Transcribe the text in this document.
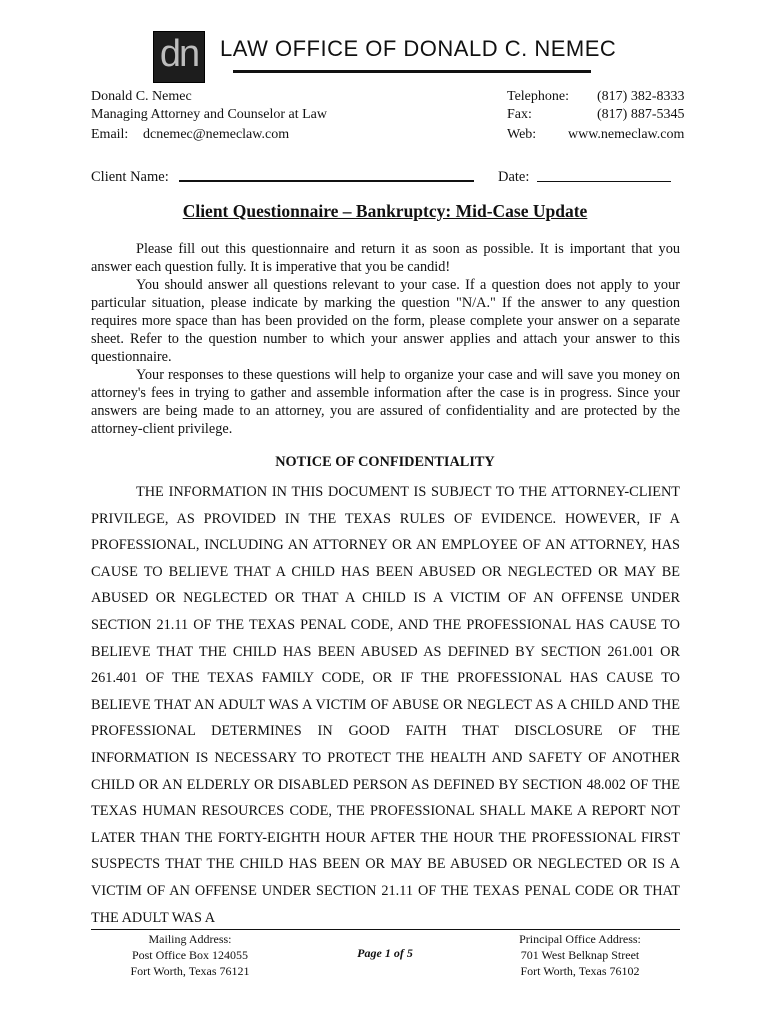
dn LAW OFFICE OF DONALD C. NEMEC
Donald C. Nemec
Managing Attorney and Counselor at Law
Email: dcnemec@nemeclaw.com
Telephone: (817) 382-8333
Fax:	(817) 887-5345
Web: www.nemeclaw.com
Client Name:	Date:
Client Questionnaire – Bankruptcy: Mid-Case Update

Please fill out this questionnaire and return it as soon as possible. It is important that you answer each question fully. It is imperative that you be candid!

You should answer all questions relevant to your case. If a question does not apply to your particular situation, please indicate by marking the question "N/A." If the answer to any question requires more space than has been provided on the form, please complete your answer on a separate sheet. Refer to the question number to which your answer applies and attach your answer to this questionnaire.

Your responses to these questions will help to organize your case and will save you money on attorney's fees in trying to gather and assemble information after the case is in progress. Since your answers are being made to an attorney, you are assured of confidentiality and are protected by the attorney-client privilege.

NOTICE OF CONFIDENTIALITY
THE INFORMATION IN THIS DOCUMENT IS SUBJECT TO THE ATTORNEY-CLIENT PRIVILEGE, AS PROVIDED IN THE TEXAS RULES OF EVIDENCE. HOWEVER, IF A PROFESSIONAL, INCLUDING AN ATTORNEY OR AN EMPLOYEE OF AN ATTORNEY, HAS CAUSE TO BELIEVE THAT A CHILD HAS BEEN ABUSED OR NEGLECTED OR MAY BE ABUSED OR NEGLECTED OR THAT A CHILD IS A VICTIM OF AN OFFENSE UNDER SECTION 21.11 OF THE TEXAS PENAL CODE, AND THE PROFESSIONAL HAS CAUSE TO BELIEVE THAT THE CHILD HAS BEEN ABUSED AS DEFINED BY SECTION 261.001 OR 261.401 OF THE TEXAS FAMILY CODE, OR IF THE PROFESSIONAL HAS CAUSE TO BELIEVE THAT AN ADULT WAS A VICTIM OF ABUSE OR NEGLECT AS A CHILD AND THE PROFESSIONAL DETERMINES IN GOOD FAITH THAT DISCLOSURE OF THE INFORMATION IS NECESSARY TO PROTECT THE HEALTH AND SAFETY OF ANOTHER CHILD OR AN ELDERLY OR DISABLED PERSON AS DEFINED BY SECTION 48.002 OF THE TEXAS HUMAN RESOURCES CODE, THE PROFESSIONAL SHALL MAKE A REPORT NOT LATER THAN THE FORTY-EIGHTH HOUR AFTER THE HOUR THE PROFESSIONAL FIRST SUSPECTS THAT THE CHILD HAS BEEN OR MAY BE ABUSED OR NEGLECTED OR IS A VICTIM OF AN OFFENSE UNDER SECTION 21.11 OF THE TEXAS PENAL CODE OR THAT THE ADULT WAS A
Mailing Address:
Post Office Box 124055
Fort Worth, Texas 76121
Page 1 of 5
Principal Office Address:
701 West Belknap Street
Fort Worth, Texas 76102
